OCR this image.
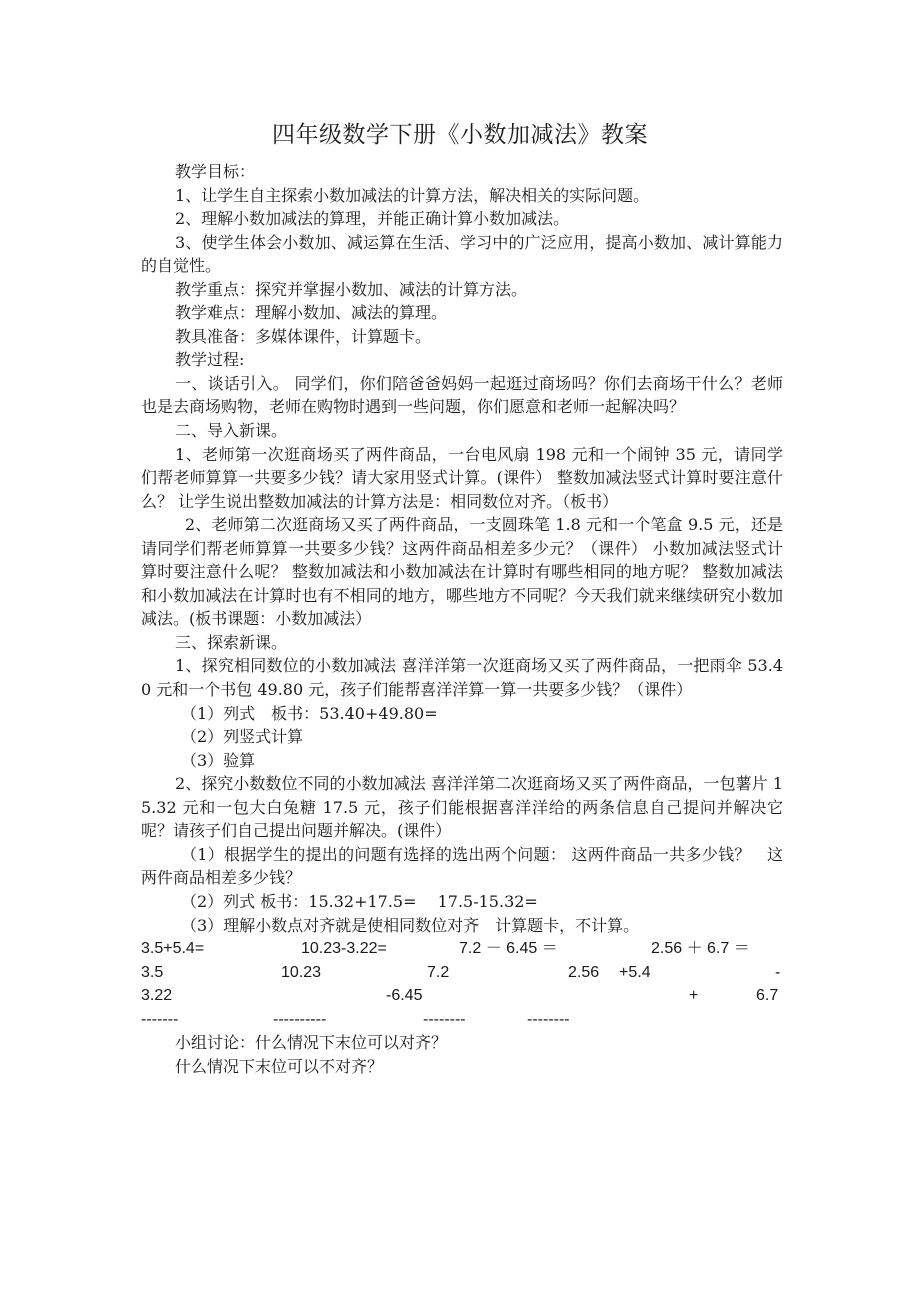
四年级数学下册《小数加减法》教案

教学目标：

1、让学生自主探索小数加减法的计算方法，解决相关的实际问题。

2、理解小数加减法的算理，并能正确计算小数加减法。

3、使学生体会小数加、减运算在生活、学习中的广泛应用，提高小数加、减计算能力的自觉性。

教学重点：探究并掌握小数加、减法的计算方法。

教学难点：理解小数加、减法的算理。

教具准备：多媒体课件，计算题卡。

教学过程:

一、谈话引入。 同学们，你们陪爸爸妈妈一起逛过商场吗？你们去商场干什么？老师也是去商场购物，老师在购物时遇到一些问题，你们愿意和老师一起解决吗？

二、导入新课。

1、老师第一次逛商场买了两件商品，一台电风扇 198 元和一个闹钟 35 元，请同学们帮老师算算一共要多少钱？请大家用竖式计算。(课件） 整数加减法竖式计算时要注意什么？ 让学生说出整数加减法的计算方法是：相同数位对齐。（板书）

2、老师第二次逛商场又买了两件商品，一支圆珠笔 1.8 元和一个笔盒 9.5 元，还是请同学们帮老师算算一共要多少钱？这两件商品相差多少元？（课件） 小数加减法竖式计算时要注意什么呢？ 整数加减法和小数加减法在计算时有哪些相同的地方呢？ 整数加减法和小数加减法在计算时也有不相同的地方，哪些地方不同呢？今天我们就来继续研究小数加减法。(板书课题：小数加减法）

三、探索新课。

1、探究相同数位的小数加减法 喜洋洋第一次逛商场又买了两件商品，一把雨伞 53.40 元和一个书包 49.80 元，孩子们能帮喜洋洋算一算一共要多少钱？（课件）

（1）列式　板书：53.40+49.80=

（2）列竖式计算

（3）验算

2、探究小数数位不同的小数加减法 喜洋洋第二次逛商场又买了两件商品，一包薯片 15.32 元和一包大白兔糖 17.5 元，孩子们能根据喜洋洋给的两条信息自己提问并解决它呢？请孩子们自己提出问题并解决。(课件）

（1）根据学生的提出的问题有选择的选出两个问题： 这两件商品一共多少钱？　这两件商品相差多少钱？

（2）列式 板书：15.32+17.5=　 17.5-15.32=

（3）理解小数点对齐就是使相同数位对齐　计算题卡，不计算。

3.5+5.4=	10.23-3.22=	7.2 － 6.45 ＝	2.56 ＋ 6.7 ＝
3.5	10.23	7.2	2.56 +5.4	-
3.22	-6.45	+	6.7
-------	----------	--------	--------

小组讨论：什么情况下末位可以对齐？

什么情况下末位可以不对齐？
